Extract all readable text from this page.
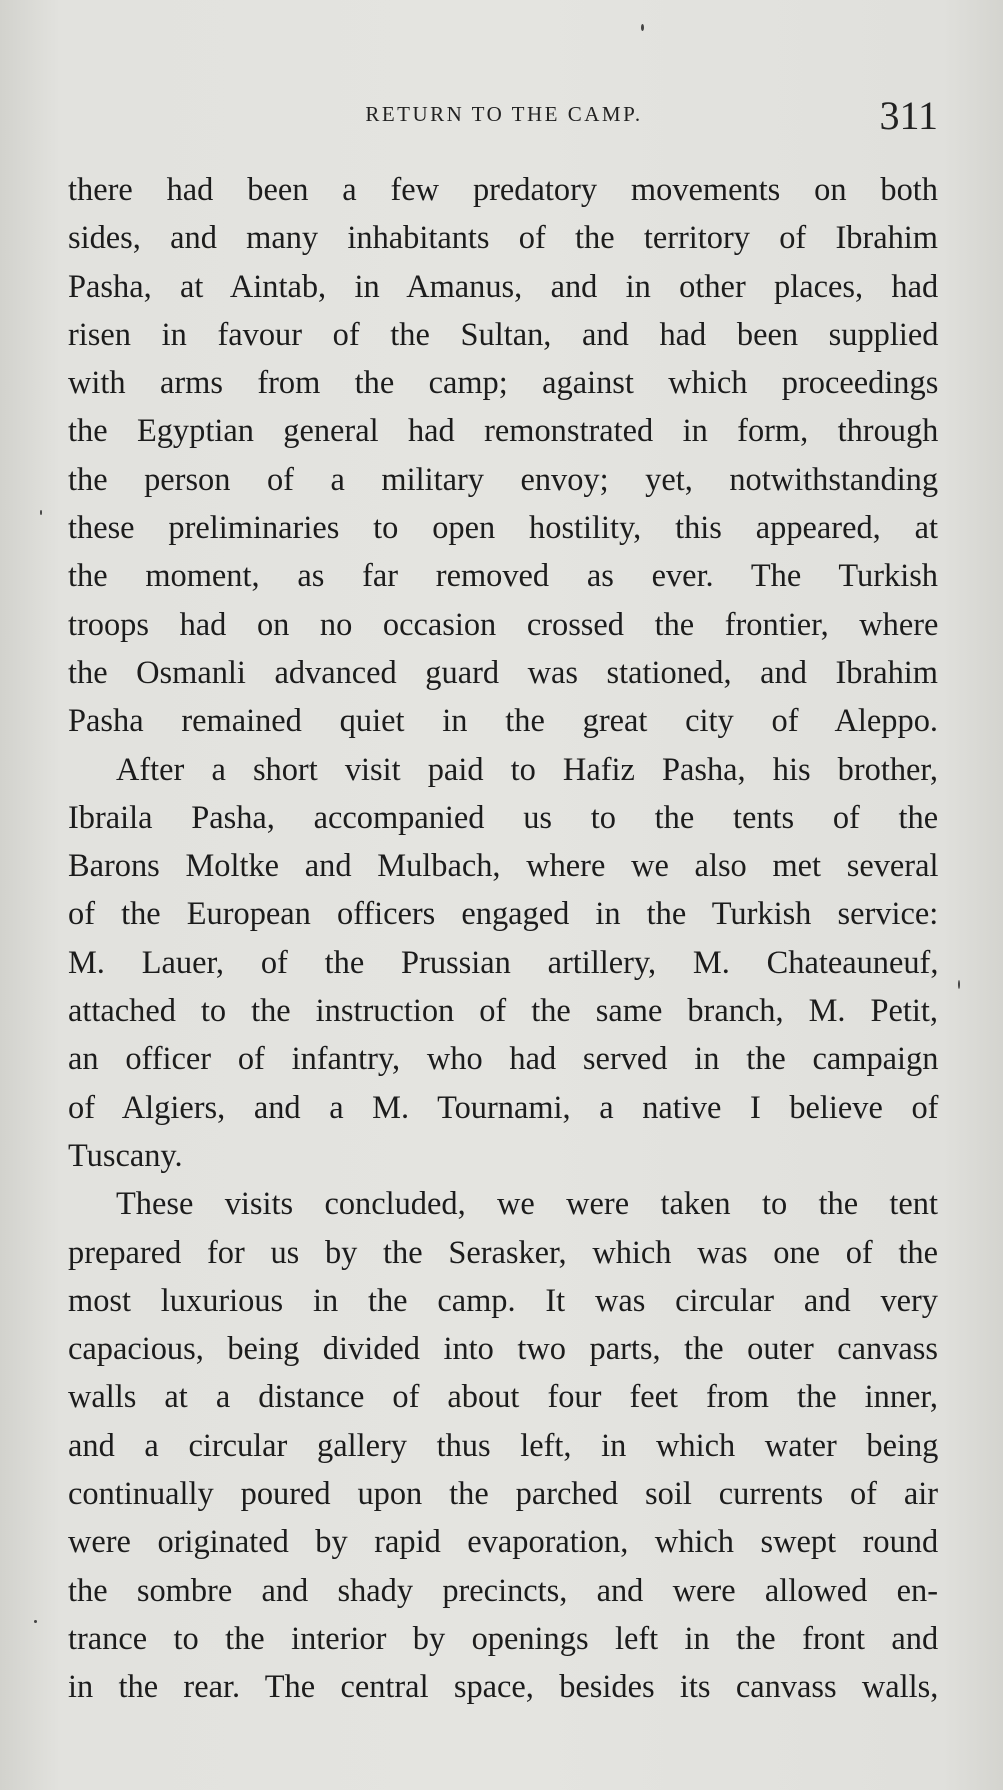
RETURN TO THE CAMP.	311

there had been a few predatory movements on both
sides, and many inhabitants of the territory of Ibrahim
Pasha, at Aintab, in Amanus, and in other places, had
risen in favour of the Sultan, and had been supplied
with arms from the camp; against which proceedings
the Egyptian general had remonstrated in form, through
the person of a military envoy; yet, notwithstanding
these preliminaries to open hostility, this appeared, at
the moment, as far removed as ever. The Turkish
troops had on no occasion crossed the frontier, where
the Osmanli advanced guard was stationed, and Ibrahim
Pasha remained quiet in the great city of Aleppo.

After a short visit paid to Hafiz Pasha, his brother,
Ibraila Pasha, accompanied us to the tents of the
Barons Moltke and Mulbach, where we also met several
of the European officers engaged in the Turkish service:
M. Lauer, of the Prussian artillery, M. Chateauneuf,
attached to the instruction of the same branch, M. Petit,
an officer of infantry, who had served in the campaign
of Algiers, and a M. Tournami, a native I believe of
Tuscany.

These visits concluded, we were taken to the tent
prepared for us by the Serasker, which was one of the
most luxurious in the camp. It was circular and very
capacious, being divided into two parts, the outer canvass
walls at a distance of about four feet from the inner,
and a circular gallery thus left, in which water being
continually poured upon the parched soil currents of air
were originated by rapid evaporation, which swept round
the sombre and shady precincts, and were allowed en-
trance to the interior by openings left in the front and
in the rear. The central space, besides its canvass walls,
